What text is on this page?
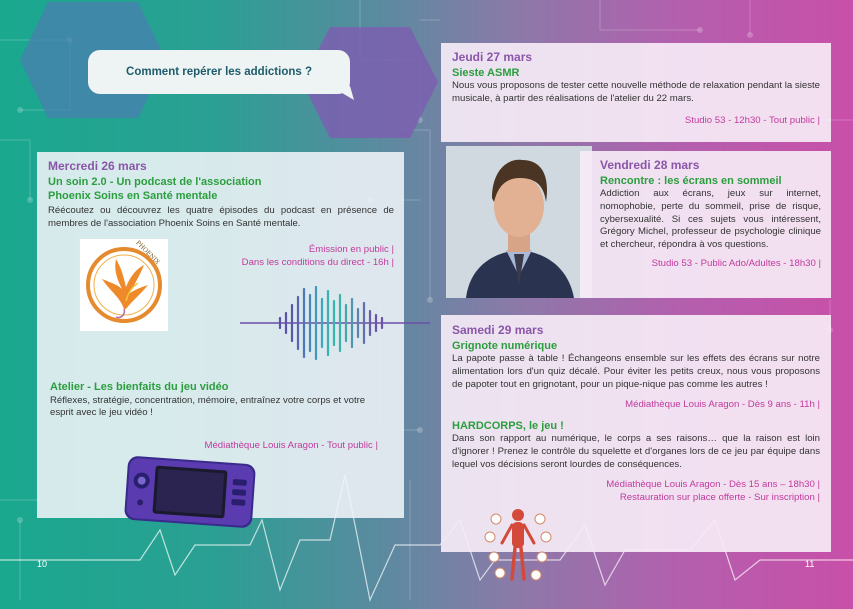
Comment repérer les addictions ?
Mercredi 26 mars
Un soin 2.0 - Un podcast de l'association
Phoenix Soins en Santé mentale
Réécoutez ou découvrez les quatre épisodes du podcast en présence de membres de l'association Phoenix Soins en Santé mentale.
Émission en public |
Dans les conditions du direct - 16h |
PHOENIX
Atelier - Les bienfaits du jeu vidéo
Réflexes, stratégie, concentration, mémoire, entraînez votre corps et votre esprit avec le jeu vidéo !
Médiathèque Louis Aragon - Tout public |
Jeudi 27 mars
Sieste ASMR
Nous vous proposons de tester cette nouvelle méthode de relaxation pendant la sieste musicale, à partir des réalisations de l'atelier du 22 mars.
Studio 53 - 12h30 - Tout public |
Vendredi 28 mars
Rencontre : les écrans en sommeil
Addiction aux écrans, jeux sur internet, nomophobie, perte du sommeil, prise de risque, cybersexualité. Si ces sujets vous intéressent, Grégory Michel, professeur de psychologie clinique et chercheur, répondra à vos questions.
Studio 53 - Public Ado/Adultes - 18h30 |
Samedi 29 mars
Grignote numérique
La papote passe à table ! Échangeons ensemble sur les effets des écrans sur notre alimentation lors d'un quiz décalé. Pour éviter les petits creux, nous vous proposons de papoter tout en grignotant, pour un pique-nique pas comme les autres !
Médiathèque Louis Aragon - Dès 9 ans - 11h |
HARDCORPS, le jeu !
Dans son rapport au numérique, le corps a ses raisons… que la raison est loin d'ignorer ! Prenez le contrôle du squelette et d'organes lors de ce jeu par équipe dans lequel vos décisions seront lourdes de conséquences.
Médiathèque Louis Aragon - Dès 15 ans – 18h30 |
Restauration sur place offerte - Sur inscription |
10	11
